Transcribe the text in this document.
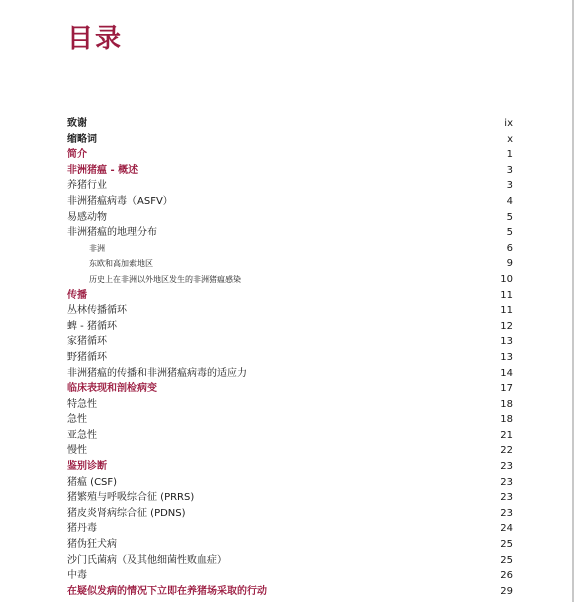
目录
致谢	ix
缩略词	x
简介	1
非洲猪瘟 - 概述	3
养猪行业	3
非洲猪瘟病毒（ASFV）	4
易感动物	5
非洲猪瘟的地理分布	5
非洲	6
东欧和高加索地区	9
历史上在非洲以外地区发生的非洲猪瘟感染	10
传播	11
丛林传播循环	11
蜱 - 猪循环	12
家猪循环	13
野猪循环	13
非洲猪瘟的传播和非洲猪瘟病毒的适应力	14
临床表现和剖检病变	17
特急性	18
急性	18
亚急性	21
慢性	22
鉴别诊断	23
猪瘟 (CSF)	23
猪繁殖与呼吸综合征 (PRRS)	23
猪皮炎肾病综合征 (PDNS)	23
猪丹毒	24
猪伪狂犬病	25
沙门氏菌病（及其他细菌性败血症）	25
中毒	26
在疑似发病的情况下立即在养猪场采取的行动	29
